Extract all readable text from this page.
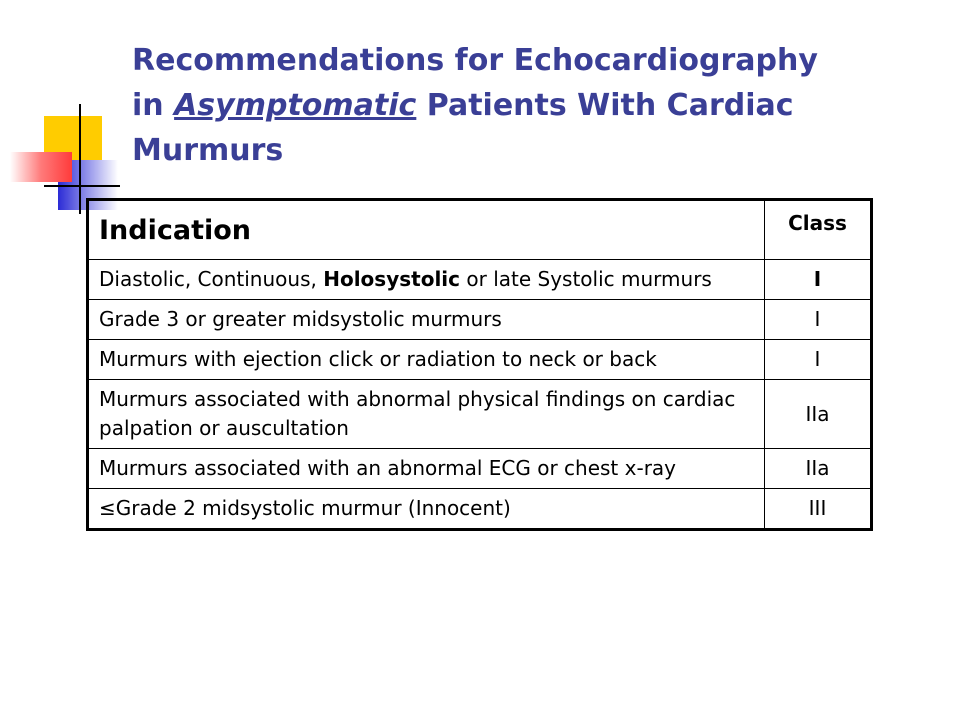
Recommendations for Echocardiography
in Asymptomatic Patients With Cardiac
Murmurs
Indication	Class
Diastolic, Continuous, Holosystolic or late Systolic murmurs	I
Grade 3 or greater midsystolic murmurs	I
Murmurs with ejection click or radiation to neck or back	I
Murmurs associated with abnormal physical findings on cardiac palpation or auscultation	IIa
Murmurs associated with an abnormal ECG or chest x-ray	IIa
≤Grade 2 midsystolic murmur (Innocent)	III
